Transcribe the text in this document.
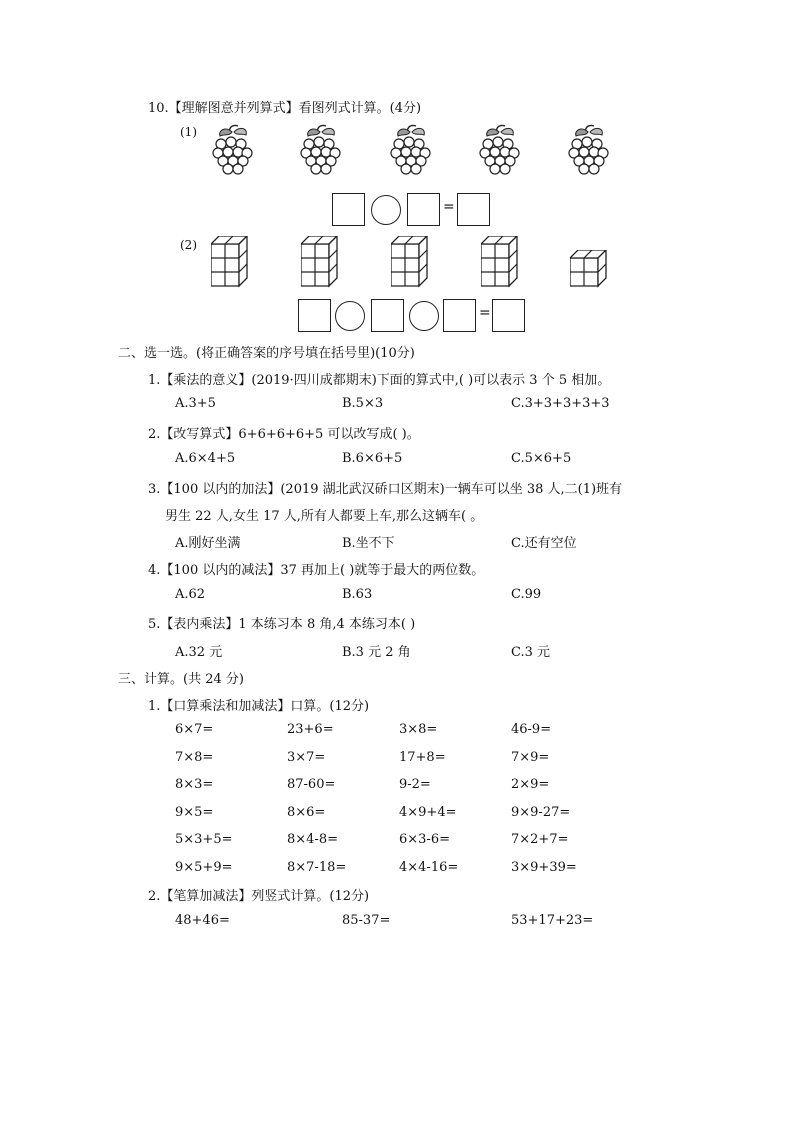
10.【理解图意并列算式】看图列式计算。(4分)
(1)
=
(2)
=
二、选一选。(将正确答案的序号填在括号里)(10分)
1.【乘法的意义】(2019·四川成都期末)下面的算式中,( )可以表示 3 个 5 相加。
A.3+5	B.5×3	C.3+3+3+3+3
2.【改写算式】6+6+6+6+5 可以改写成( )。
A.6×4+5	B.6×6+5	C.5×6+5
3.【100 以内的加法】(2019 湖北武汉硚口区期末)一辆车可以坐 38 人,二(1)班有
男生 22 人,女生 17 人,所有人都要上车,那么这辆车( 。
A.刚好坐满	B.坐不下	C.还有空位
4.【100 以内的减法】37 再加上( )就等于最大的两位数。
A.62	B.63	C.99
5.【表内乘法】1 本练习本 8 角,4 本练习本( )
A.32 元	B.3 元 2 角	C.3 元
三、计算。(共 24 分)
1.【口算乘法和加减法】口算。(12分)
6×7=	23+6=	3×8=	46-9=
7×8=	3×7=	17+8=	7×9=
8×3=	87-60=	9-2=	2×9=
9×5=	8×6=	4×9+4=	9×9-27=
5×3+5=	8×4-8=	6×3-6=	7×2+7=
9×5+9=	8×7-18=	4×4-16=	3×9+39=
2.【笔算加减法】列竖式计算。(12分)
48+46=	85-37=	53+17+23=
